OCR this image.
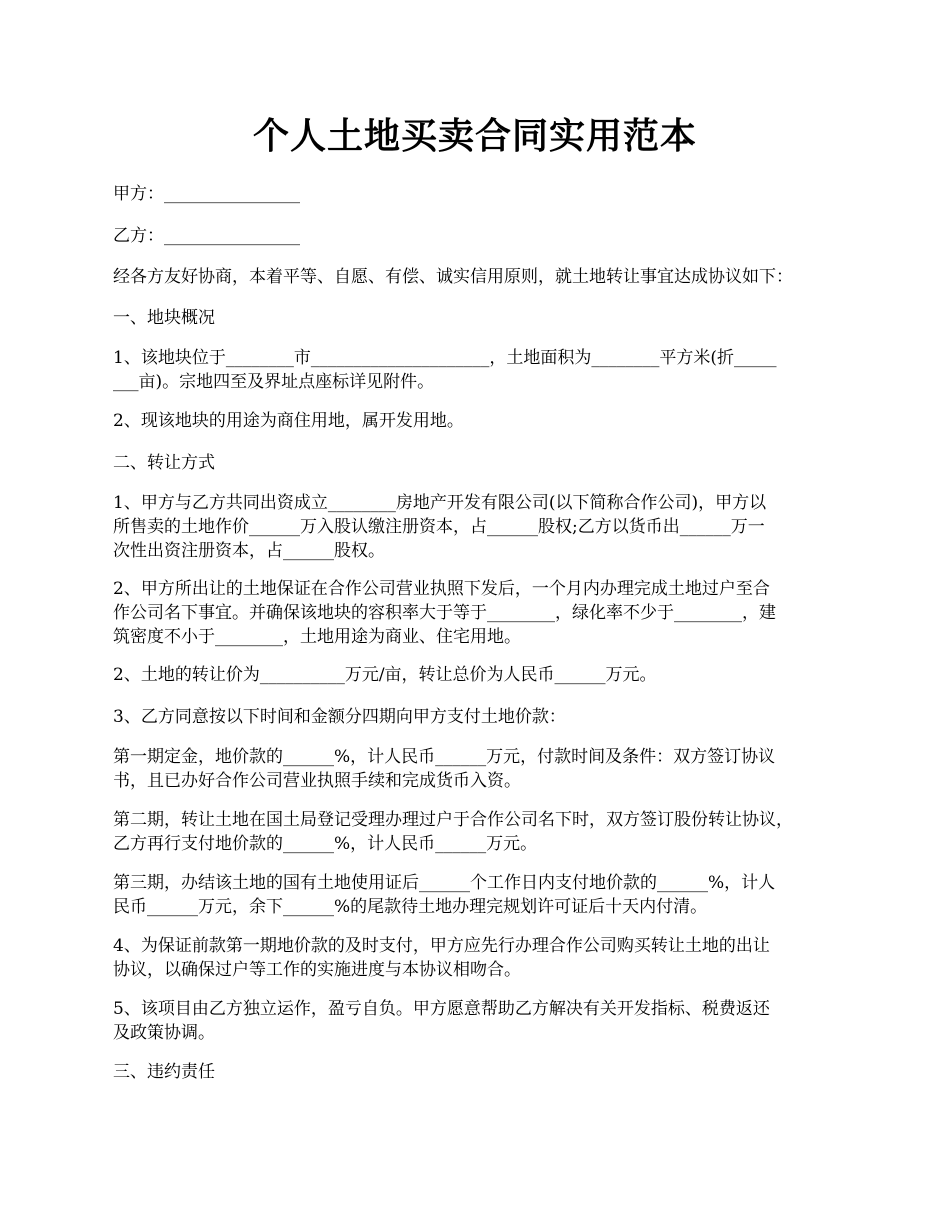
个人土地买卖合同实用范本

甲方：________________

乙方：________________

经各方友好协商，本着平等、自愿、有偿、诚实信用原则，就土地转让事宜达成协议如下：

一、地块概况

1、该地块位于________市_____________________，土地面积为________平方米(折_____
___亩)。宗地四至及界址点座标详见附件。

2、现该地块的用途为商住用地，属开发用地。

二、转让方式

1、甲方与乙方共同出资成立________房地产开发有限公司(以下简称合作公司)，甲方以
所售卖的土地作价______万入股认缴注册资本，占______股权;乙方以货币出______万一
次性出资注册资本，占______股权。

2、甲方所出让的土地保证在合作公司营业执照下发后，一个月内办理完成土地过户至合
作公司名下事宜。并确保该地块的容积率大于等于________，绿化率不少于________，建
筑密度不小于________，土地用途为商业、住宅用地。

2、土地的转让价为__________万元/亩，转让总价为人民币______万元。

3、乙方同意按以下时间和金额分四期向甲方支付土地价款：

第一期定金，地价款的______%，计人民币______万元，付款时间及条件：双方签订协议
书，且已办好合作公司营业执照手续和完成货币入资。

第二期，转让土地在国土局登记受理办理过户于合作公司名下时，双方签订股份转让协议，
乙方再行支付地价款的______%，计人民币______万元。

第三期，办结该土地的国有土地使用证后______个工作日内支付地价款的______%，计人
民币______万元，余下______%的尾款待土地办理完规划许可证后十天内付清。

4、为保证前款第一期地价款的及时支付，甲方应先行办理合作公司购买转让土地的出让
协议，以确保过户等工作的实施进度与本协议相吻合。

5、该项目由乙方独立运作，盈亏自负。甲方愿意帮助乙方解决有关开发指标、税费返还
及政策协调。

三、违约责任
